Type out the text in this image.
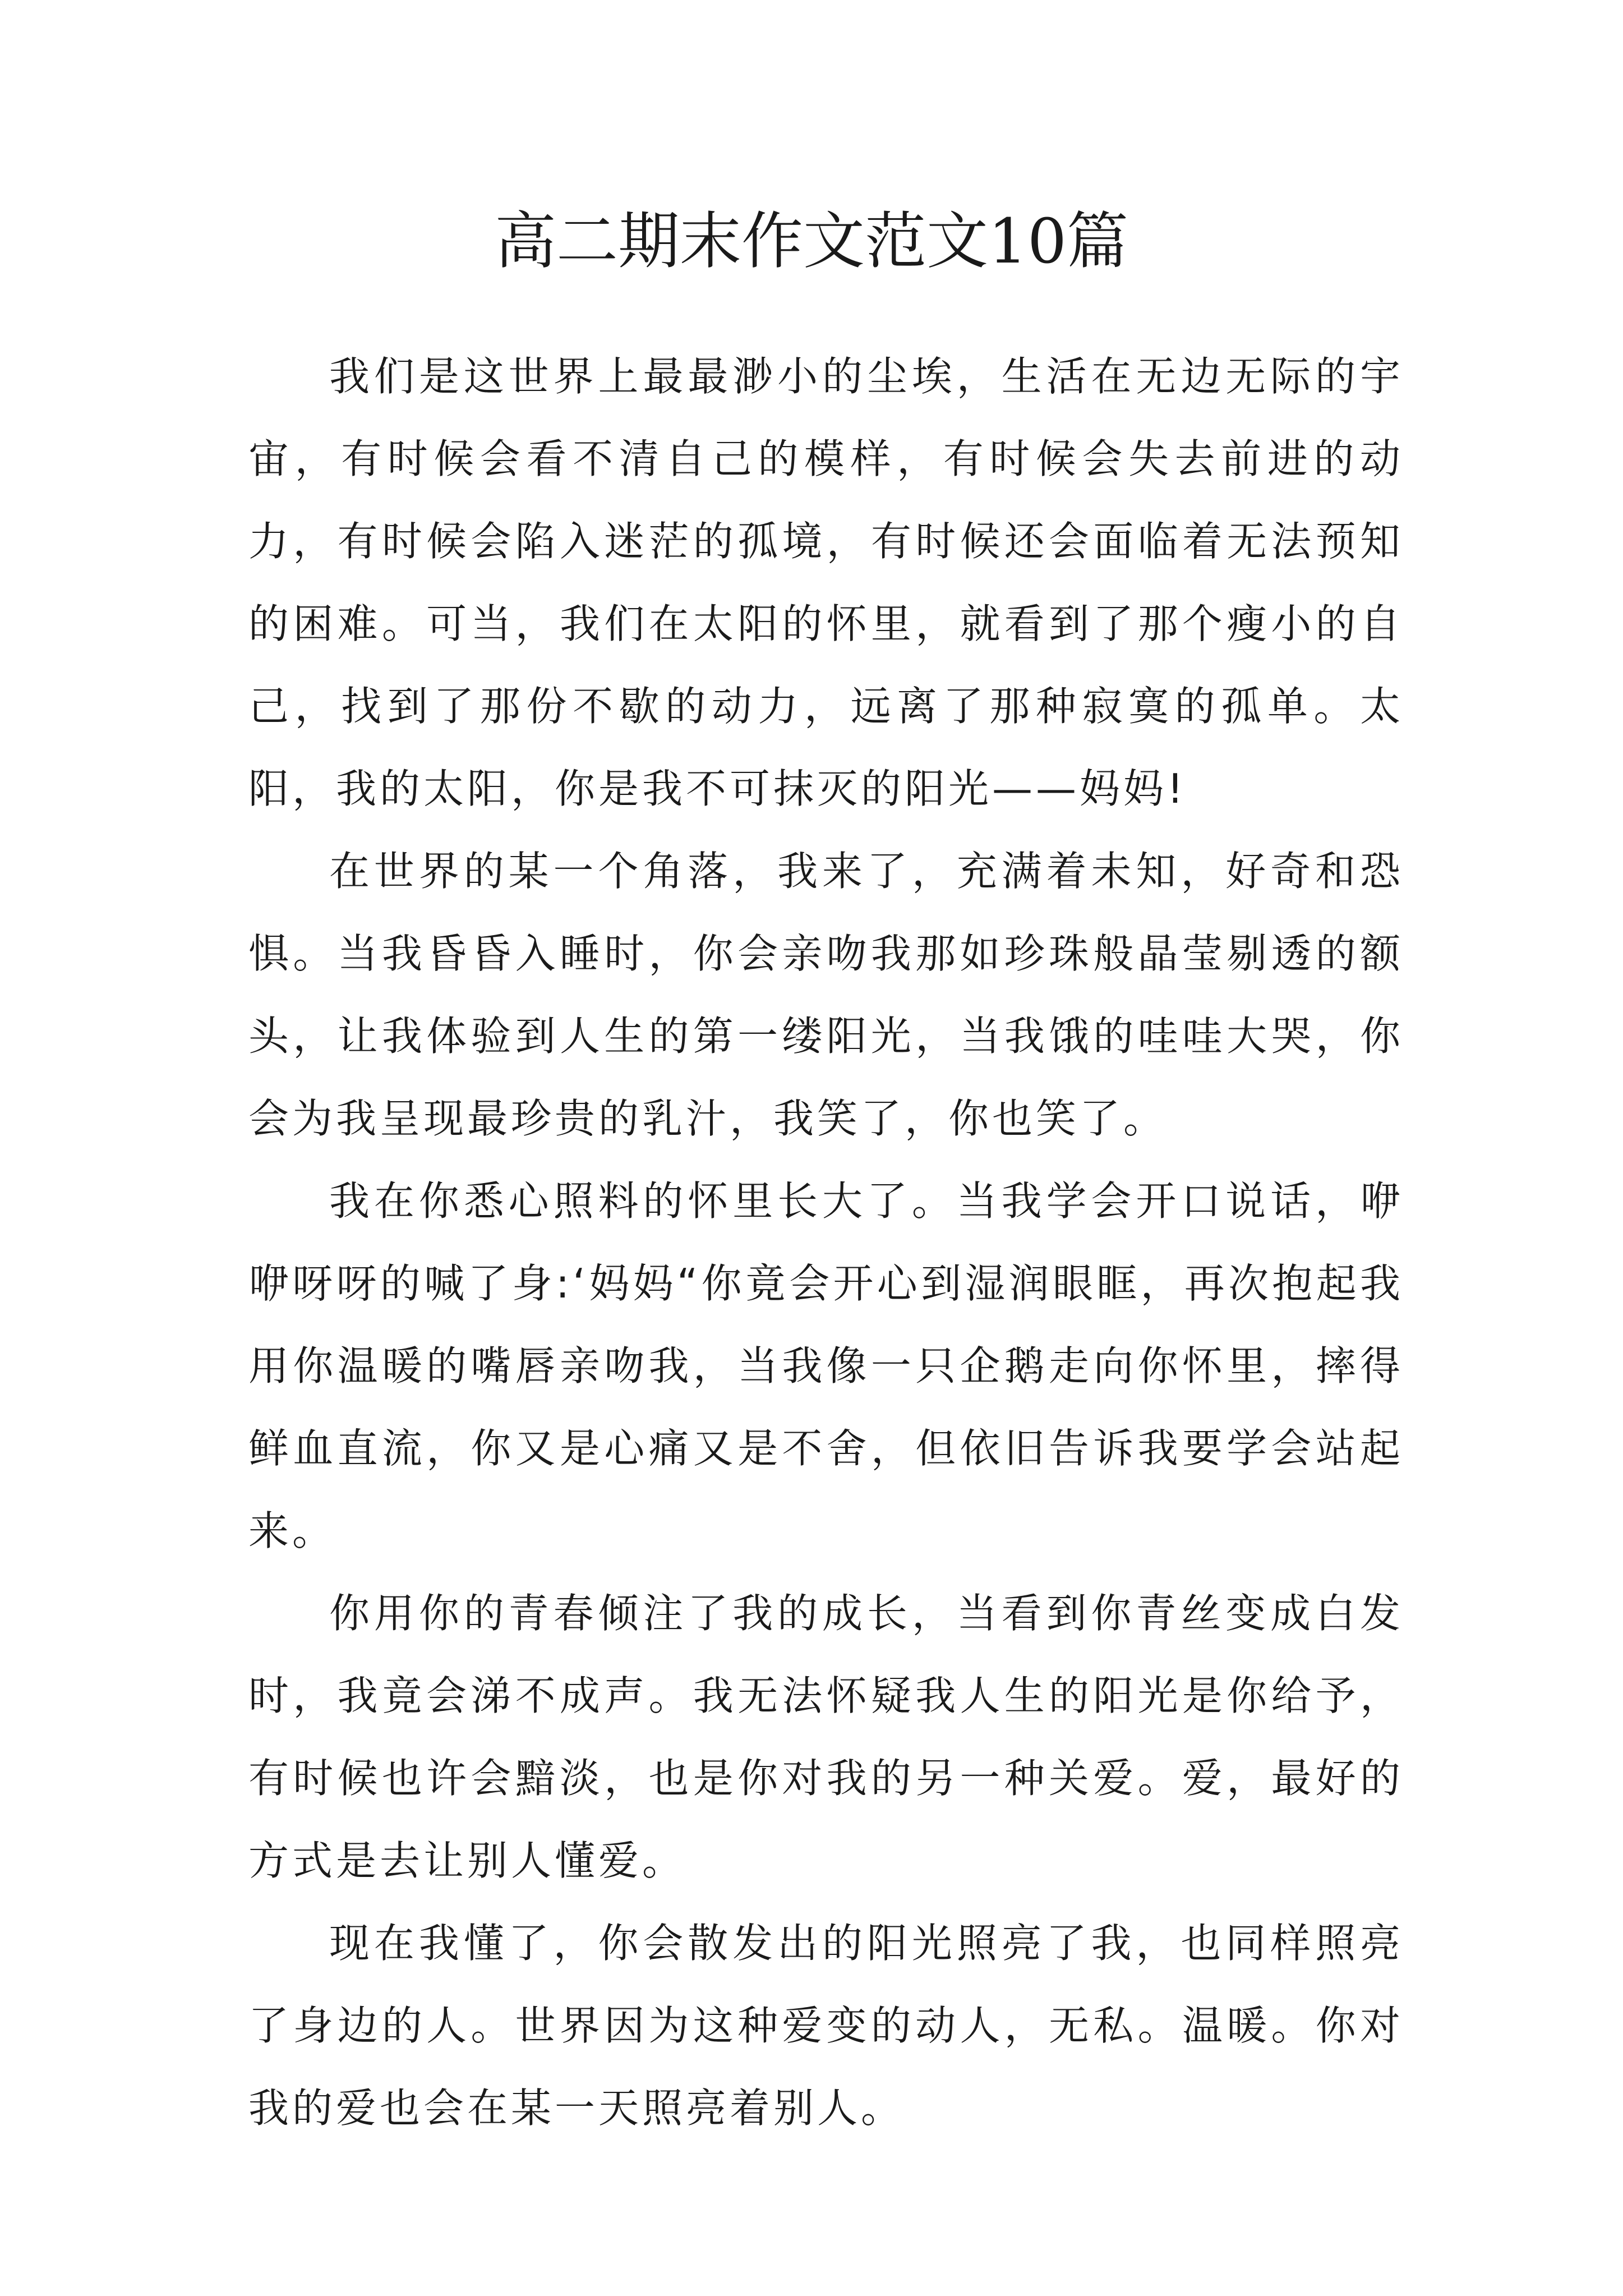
高二期末作文范文10篇

我们是这世界上最最渺小的尘埃，生活在无边无际的宇宙，有时候会看不清自己的模样，有时候会失去前进的动力，有时候会陷入迷茫的孤境，有时候还会面临着无法预知的困难。可当，我们在太阳的怀里，就看到了那个瘦小的自己，找到了那份不歇的动力，远离了那种寂寞的孤单。太阳，我的太阳，你是我不可抹灭的阳光——妈妈!

在世界的某一个角落，我来了，充满着未知，好奇和恐惧。当我昏昏入睡时，你会亲吻我那如珍珠般晶莹剔透的额头，让我体验到人生的第一缕阳光，当我饿的哇哇大哭，你会为我呈现最珍贵的乳汁，我笑了，你也笑了。

我在你悉心照料的怀里长大了。当我学会开口说话，咿咿呀呀的喊了身:‘妈妈“你竟会开心到湿润眼眶，再次抱起我用你温暖的嘴唇亲吻我，当我像一只企鹅走向你怀里，摔得鲜血直流，你又是心痛又是不舍，但依旧告诉我要学会站起来。

你用你的青春倾注了我的成长，当看到你青丝变成白发时，我竟会涕不成声。我无法怀疑我人生的阳光是你给予，有时候也许会黯淡，也是你对我的另一种关爱。爱，最好的方式是去让别人懂爱。

现在我懂了，你会散发出的阳光照亮了我，也同样照亮了身边的人。世界因为这种爱变的动人，无私。温暖。你对我的爱也会在某一天照亮着别人。
